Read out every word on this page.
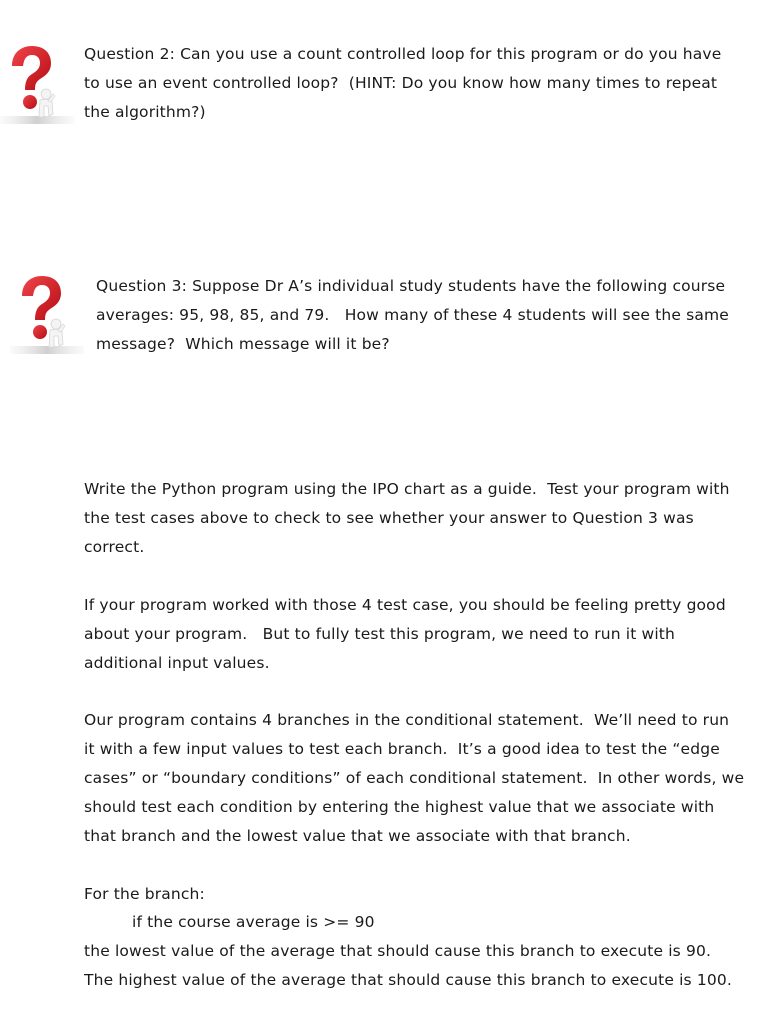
Question 2: Can you use a count controlled loop for this program or do you have
to use an event controlled loop?  (HINT: Do you know how many times to repeat
the algorithm?)
Question 3: Suppose Dr A’s individual study students have the following course
averages: 95, 98, 85, and 79.   How many of these 4 students will see the same
message?  Which message will it be?
Write the Python program using the IPO chart as a guide.  Test your program with
the test cases above to check to see whether your answer to Question 3 was
correct.
If your program worked with those 4 test case, you should be feeling pretty good
about your program.   But to fully test this program, we need to run it with
additional input values.
Our program contains 4 branches in the conditional statement.  We’ll need to run
it with a few input values to test each branch.  It’s a good idea to test the “edge
cases” or “boundary conditions” of each conditional statement.  In other words, we
should test each condition by entering the highest value that we associate with
that branch and the lowest value that we associate with that branch.
For the branch:
if the course average is >= 90
the lowest value of the average that should cause this branch to execute is 90.
The highest value of the average that should cause this branch to execute is 100.
